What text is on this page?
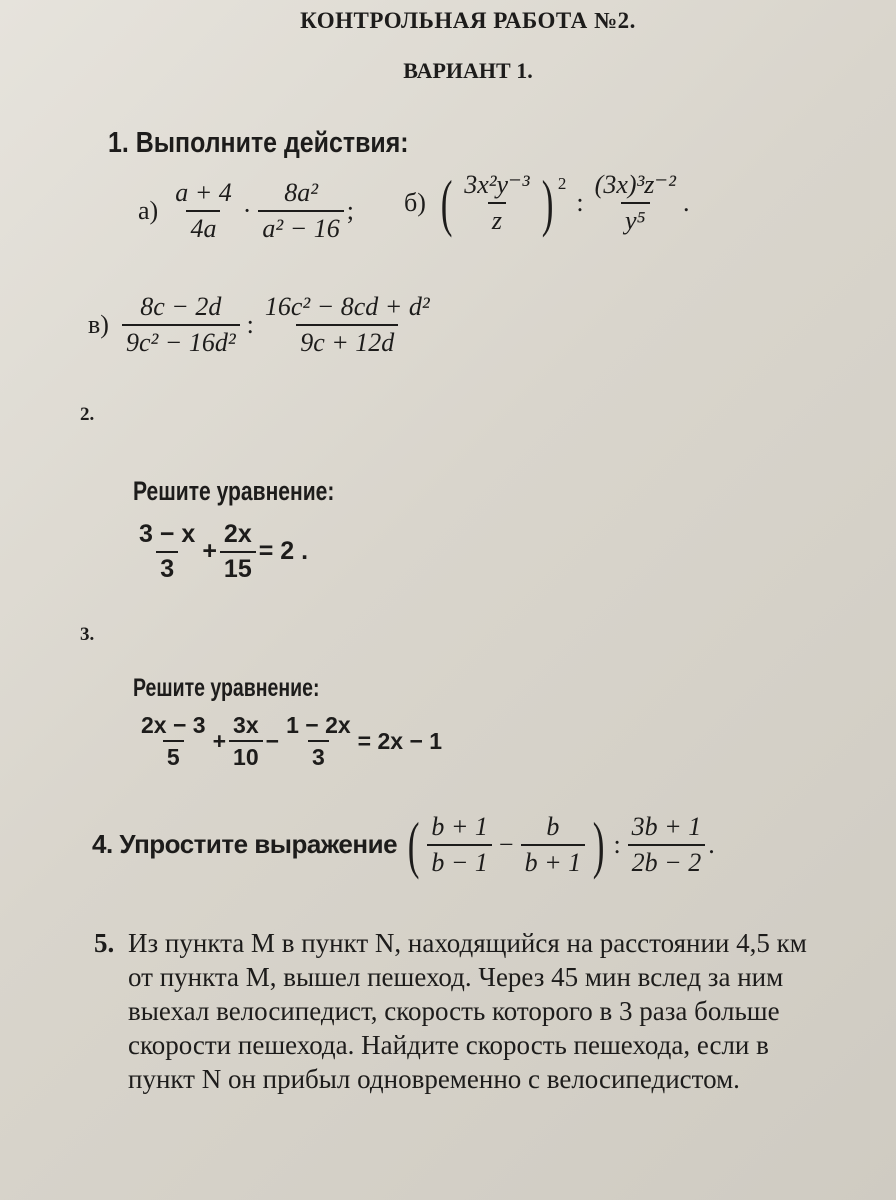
КОНТРОЛЬНАЯ РАБОТА №2.
ВАРИАНТ 1.
1. Выполните действия:
$а) \frac{a + 4}{4a} \cdot \frac{\text{8a²}}{\text{a² − 16}}$ ; б) ( $\frac{\text{3x²y⁻³}}{z}$ ) 2
: $\frac{\text{(3x)³z⁻²}}{\text{y⁵}}$ .
$в) \frac{8c - 2d}{\text{9c² − 16d²}}$ : $\frac{\text{16c² − 8cd + d²}}{9c + 12d}$
2.
Решите уравнение:
$\frac{3 - x}{3} + \frac{2x}{15} = 2$ .
3.
Решите уравнение:
$\frac{2x - 3}{5} + \frac{3x}{10} - \frac{1 - 2x}{3} = 2x - 1$
4. Упростите выражение ( $\frac{b + 1}{b - 1} - \frac{b}{b + 1}$ ) : $\frac{3b + 1}{2b - 2}$ .
5. Из пункта M в пункт N, находящийся на расстоянии 4,5 км
от пункта M, вышел пешеход. Через 45 мин вслед за ним
выехал велосипедист, скорость которого в 3 раза больше
скорости пешехода. Найдите скорость пешехода, если в
пункт N он прибыл одновременно с велосипедистом.
